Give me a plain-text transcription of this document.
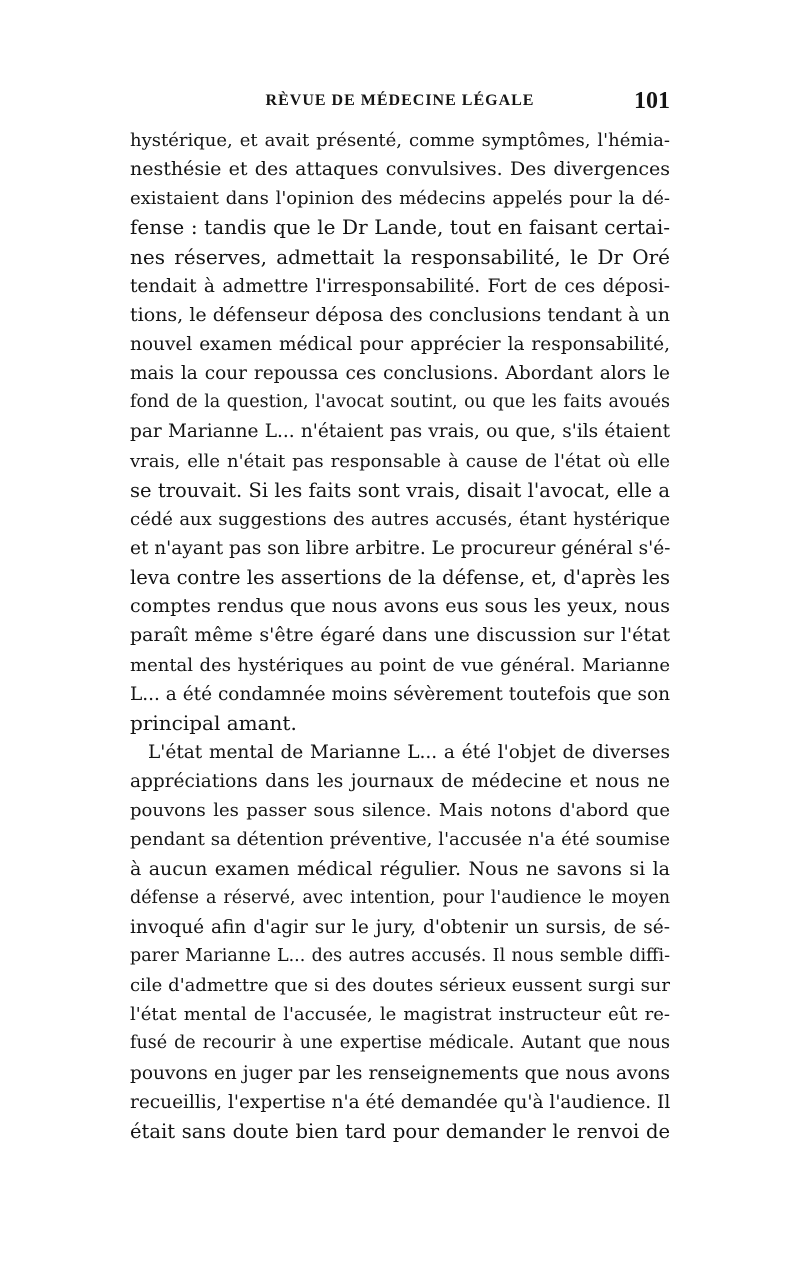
RÈVUE DE MÉDECINE LÉGALE	101
hystérique, et avait présenté, comme symptômes, l'hémia-
nesthésie et des attaques convulsives. Des divergences
existaient dans l'opinion des médecins appelés pour la dé-
fense : tandis que le Dr Lande, tout en faisant certai-
nes réserves, admettait la responsabilité, le Dr Oré
tendait à admettre l'irresponsabilité. Fort de ces déposi-
tions, le défenseur déposa des conclusions tendant à un
nouvel examen médical pour apprécier la responsabilité,
mais la cour repoussa ces conclusions. Abordant alors le
fond de la question, l'avocat soutint, ou que les faits avoués
par Marianne L... n'étaient pas vrais, ou que, s'ils étaient
vrais, elle n'était pas responsable à cause de l'état où elle
se trouvait. Si les faits sont vrais, disait l'avocat, elle a
cédé aux suggestions des autres accusés, étant hystérique
et n'ayant pas son libre arbitre. Le procureur général s'é-
leva contre les assertions de la défense, et, d'après les
comptes rendus que nous avons eus sous les yeux, nous
paraît même s'être égaré dans une discussion sur l'état
mental des hystériques au point de vue général. Marianne
L... a été condamnée moins sévèrement toutefois que son
principal amant.
L'état mental de Marianne L... a été l'objet de diverses
appréciations dans les journaux de médecine et nous ne
pouvons les passer sous silence. Mais notons d'abord que
pendant sa détention préventive, l'accusée n'a été soumise
à aucun examen médical régulier. Nous ne savons si la
défense a réservé, avec intention, pour l'audience le moyen
invoqué afin d'agir sur le jury, d'obtenir un sursis, de sé-
parer Marianne L... des autres accusés. Il nous semble diffi-
cile d'admettre que si des doutes sérieux eussent surgi sur
l'état mental de l'accusée, le magistrat instructeur eût re-
fusé de recourir à une expertise médicale. Autant que nous
pouvons en juger par les renseignements que nous avons
recueillis, l'expertise n'a été demandée qu'à l'audience. Il
était sans doute bien tard pour demander le renvoi de
